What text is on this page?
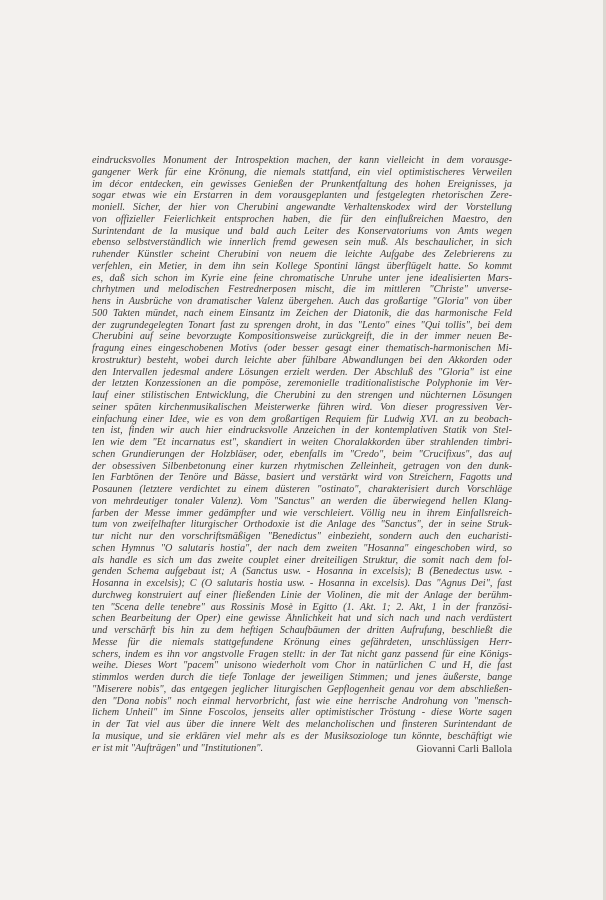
eindrucksvolles Monument der Introspektion machen, der kann vielleicht in dem vorausge-
gangener Werk für eine Krönung, die niemals stattfand, ein viel optimistischeres Verweilen
im décor entdecken, ein gewisses Genießen der Prunkentfaltung des hohen Ereignisses, ja
sogar etwas wie ein Erstarren in dem vorausgeplanten und festgelegten rhetorischen Zere-
moniell. Sicher, der hier von Cherubini angewandte Verhaltenskodex wird der Vorstellung
von offizieller Feierlichkeit entsprochen haben, die für den einflußreichen Maestro, den
Surintendant de la musique und bald auch Leiter des Konservatoriums von Amts wegen
ebenso selbstverständlich wie innerlich fremd gewesen sein muß. Als beschaulicher, in sich
ruhender Künstler scheint Cherubini von neuem die leichte Aufgabe des Zelebrierens zu
verfehlen, ein Metier, in dem ihn sein Kollege Spontini längst überflügelt hatte. So kommt
es, daß sich schon im Kyrie eine feine chromatische Unruhe unter jene idealisierten Mars-
chrhytmen und melodischen Festrednerposen mischt, die im mittleren "Christe" unverse-
hens in Ausbrüche von dramatischer Valenz übergehen. Auch das großartige "Gloria" von über
500 Takten mündet, nach einem Einsantz im Zeichen der Diatonik, die das harmonische Feld
der zugrundegelegten Tonart fast zu sprengen droht, in das "Lento" eines "Qui tollis", bei dem
Cherubini auf seine bevorzugte Kompositionsweise zurückgreift, die in der immer neuen Be-
fragung eines eingeschobenen Motivs (oder besser gesagt einer thematisch-harmonischen Mi-
krostruktur) besteht, wobei durch leichte aber fühlbare Abwandlungen bei den Akkorden oder
den Intervallen jedesmal andere Lösungen erzielt werden. Der Abschluß des "Gloria" ist eine
der letzten Konzessionen an die pompöse, zeremonielle traditionalistische Polyphonie im Ver-
lauf einer stilistischen Entwicklung, die Cherubini zu den strengen und nüchternen Lösungen
seiner späten kirchenmusikalischen Meisterwerke führen wird. Von dieser progressiven Ver-
einfachung einer Idee, wie es von dem großartigen Requiem für Ludwig XVI. an zu beobach-
ten ist, finden wir auch hier eindrucksvolle Anzeichen in der kontemplativen Statik von Stel-
len wie dem "Et incarnatus est", skandiert in weiten Choralakkorden über strahlenden timbri-
schen Grundierungen der Holzbläser, oder, ebenfalls im "Credo", beim "Crucifixus", das auf
der obsessiven Silbenbetonung einer kurzen rhytmischen Zelleinheit, getragen von den dunk-
len Farbtönen der Tenöre und Bässe, basiert und verstärkt wird von Streichern, Fagotts und
Posaunen (letztere verdichtet zu einem düsteren "ostinato", charakterisiert durch Vorschläge
von mehrdeutiger tonaler Valenz). Vom "Sanctus" an werden die überwiegend hellen Klang-
farben der Messe immer gedämpfter und wie verschleiert. Völlig neu in ihrem Einfallsreich-
tum von zweifelhafter liturgischer Orthodoxie ist die Anlage des "Sanctus", der in seine Struk-
tur nicht nur den vorschriftsmäßigen "Benedictus" einbezieht, sondern auch den eucharisti-
schen Hymnus "O salutaris hostia", der nach dem zweiten "Hosanna" eingeschoben wird, so
als handle es sich um das zweite couplet einer dreiteiligen Struktur, die somit nach dem fol-
genden Schema aufgebaut ist; A (Sanctus usw. - Hosanna in excelsis); B (Benedectus usw. -
Hosanna in excelsis); C (O salutaris hostia usw. - Hosanna in excelsis). Das "Agnus Dei", fast
durchweg konstruiert auf einer fließenden Linie der Violinen, die mit der Anlage der berühm-
ten "Scena delle tenebre" aus Rossinis Mosè in Egitto (1. Akt. 1; 2. Akt, 1 in der französi-
schen Bearbeitung der Oper) eine gewisse Ähnlichkeit hat und sich nach und nach verdüstert
und verschärft bis hin zu dem heftigen Schaufbäumen der dritten Aufrufung, beschließt die
Messe für die niemals stattgefundene Krönung eines gefährdeten, unschlüssigen Herr-
schers, indem es ihn vor angstvolle Fragen stellt: in der Tat nicht ganz passend für eine Königs-
weihe. Dieses Wort "pacem" unisono wiederholt vom Chor in natürlichen C und H, die fast
stimmlos werden durch die tiefe Tonlage der jeweiligen Stimmen; und jenes äußerste, bange
"Miserere nobis", das entgegen jeglicher liturgischen Gepflogenheit genau vor dem abschließen-
den "Dona nobis" noch einmal hervorbricht, fast wie eine herrische Androhung von "mensch-
lichem Unheil" im Sinne Foscolos, jenseits aller optimistischer Tröstung - diese Worte sagen
in der Tat viel aus über die innere Welt des melancholischen und finsteren Surintendant de
la musique, und sie erklären viel mehr als es der Musiksoziologe tun könnte, beschäftigt wie
er ist mit "Aufträgen" und "Institutionen".	Giovanni Carli Ballola
